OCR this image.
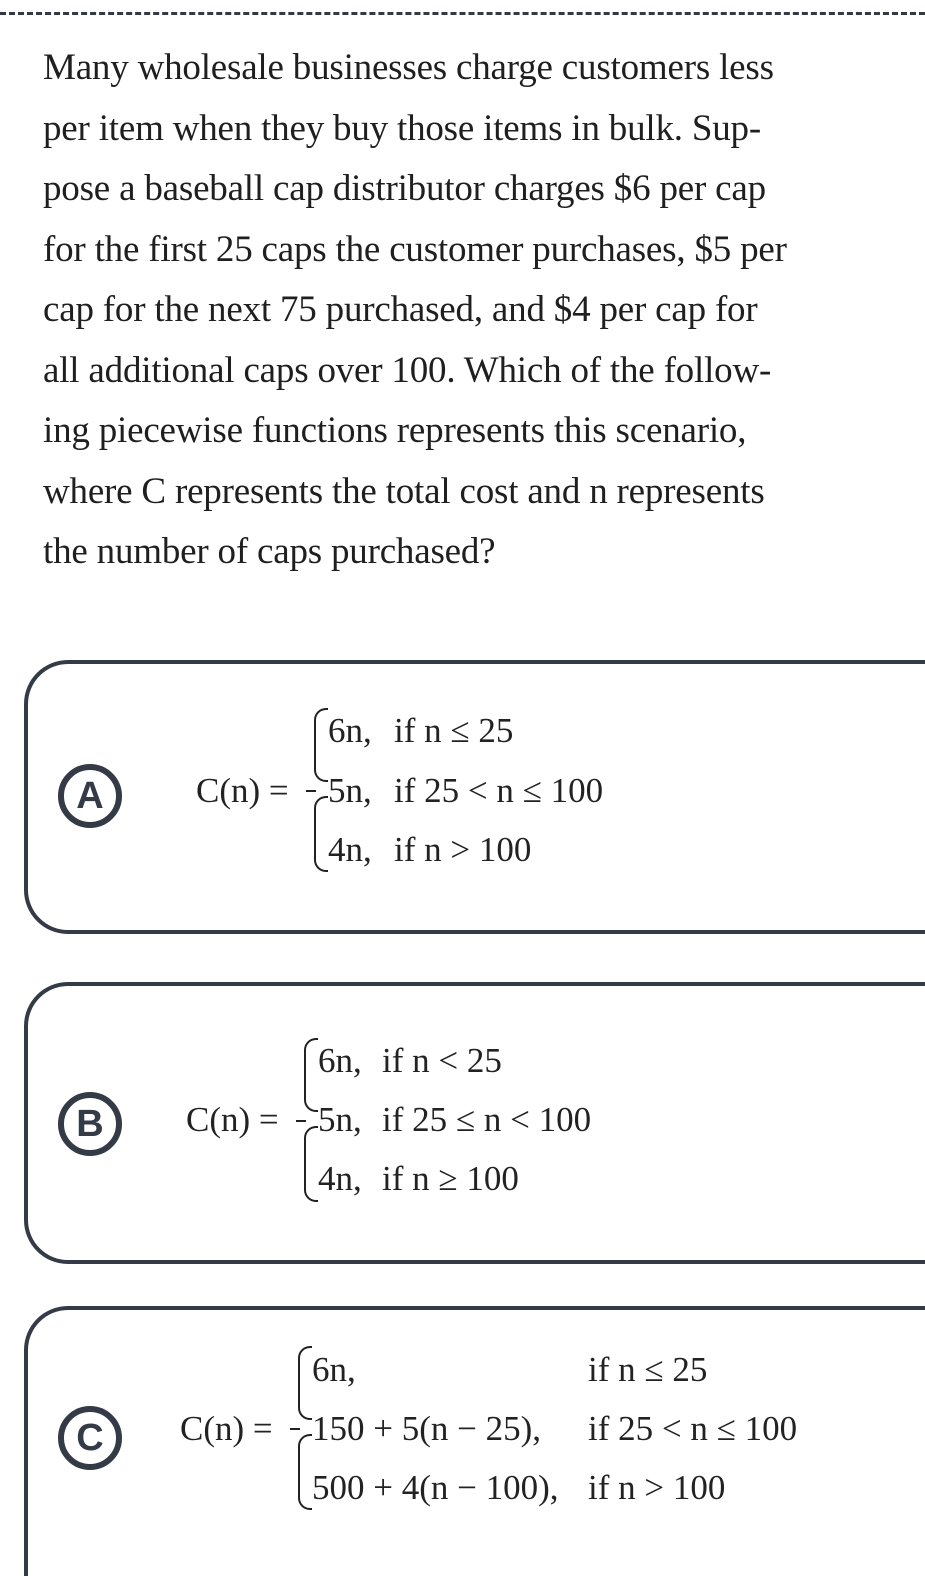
Many wholesale businesses charge customers less
per item when they buy those items in bulk. Sup-
pose a baseball cap distributor charges $6 per cap
for the first 25 caps the customer purchases, $5 per
cap for the next 75 purchased, and $4 per cap for
all additional caps over 100. Which of the follow-
ing piecewise functions represents this scenario,
where C represents the total cost and n represents
the number of caps purchased?

A	C(n) =
6n, if n ≤ 25
5n, if 25 < n ≤ 100
4n, if n > 100
B	C(n) =
6n, if n < 25
5n, if 25 ≤ n < 100
4n, if n ≥ 100
C	C(n) =
6n,	if n ≤ 25
150 + 5(n − 25), if 25 < n ≤ 100
500 + 4(n − 100), if n > 100
